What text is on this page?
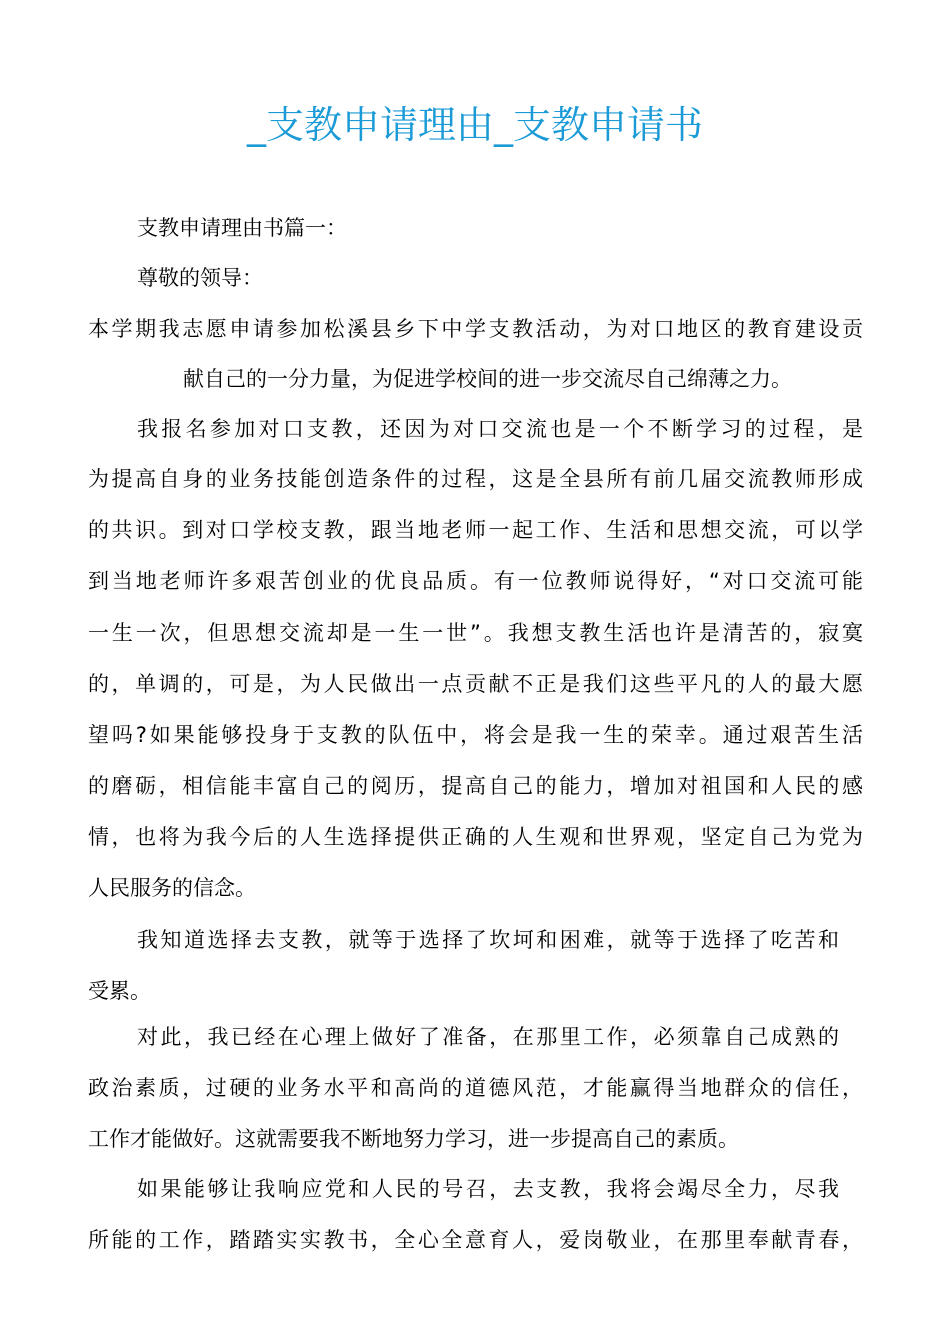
_支教申请理由_支教申请书
支教申请理由书篇一：
尊敬的领导：
本学期我志愿申请参加松溪县乡下中学支教活动，为对口地区的教育建设贡
献自己的一分力量，为促进学校间的进一步交流尽自己绵薄之力。
我报名参加对口支教，还因为对口交流也是一个不断学习的过程，是
为提高自身的业务技能创造条件的过程，这是全县所有前几届交流教师形成
的共识。到对口学校支教，跟当地老师一起工作、生活和思想交流，可以学
到当地老师许多艰苦创业的优良品质。有一位教师说得好，“对口交流可能
一生一次，但思想交流却是一生一世”。我想支教生活也许是清苦的，寂寞
的，单调的，可是，为人民做出一点贡献不正是我们这些平凡的人的最大愿
望吗?如果能够投身于支教的队伍中，将会是我一生的荣幸。通过艰苦生活
的磨砺，相信能丰富自己的阅历，提高自己的能力，增加对祖国和人民的感
情，也将为我今后的人生选择提供正确的人生观和世界观，坚定自己为党为
人民服务的信念。
我知道选择去支教，就等于选择了坎坷和困难，就等于选择了吃苦和
受累。
对此，我已经在心理上做好了准备，在那里工作，必须靠自己成熟的
政治素质，过硬的业务水平和高尚的道德风范，才能赢得当地群众的信任，
工作才能做好。这就需要我不断地努力学习，进一步提高自己的素质。
如果能够让我响应党和人民的号召，去支教，我将会竭尽全力，尽我
所能的工作，踏踏实实教书，全心全意育人，爱岗敬业，在那里奉献青春，
